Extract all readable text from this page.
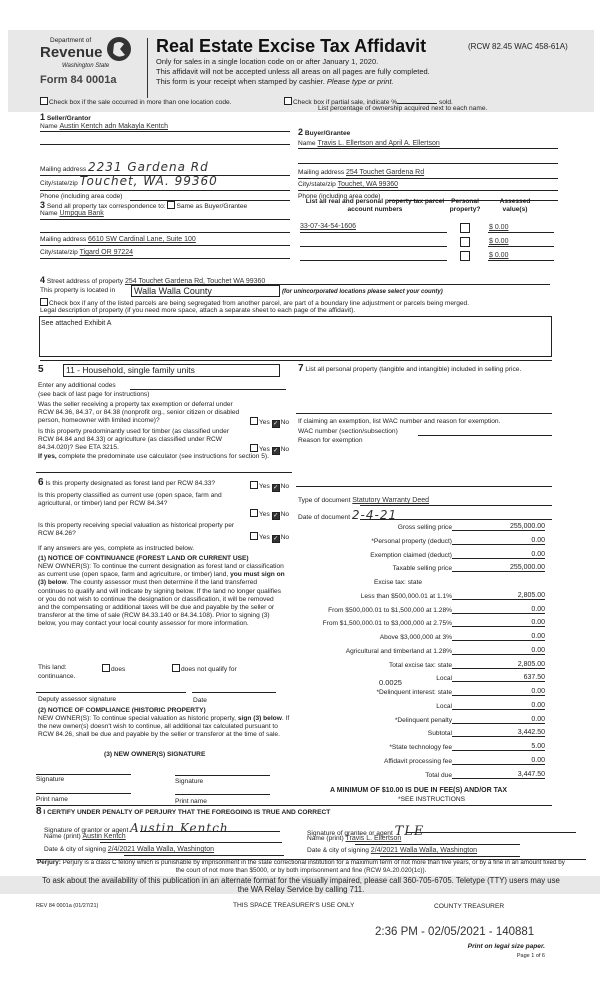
Department of
Revenue
Washington State
Form 84 0001a
Real Estate Excise Tax Affidavit	(RCW 82.45 WAC 458-61A)
Only for sales in a single location code on or after January 1, 2020.
This affidavit will not be accepted unless all areas on all pages are fully completed.
This form is your receipt when stamped by cashier. Please type or print.
Check box if the sale occurred in more than one location code.	Check box if partial sale, indicate %	sold.
List percentage of ownership acquired next to each name.
1 Seller/Grantor
Name Austin Kentch adn Makayla Kentch
Mailing address 2231 Gardena Rd
City/state/zip Touchet, WA. 99360
Phone (including area code)
2 Buyer/Grantee
Name Travis L. Ellertson and April A. Ellertson
Mailing address 254 Touchet Gardena Rd
City/state/zip Touchet, WA 99360
Phone (including area code)
3 Send all property tax correspondence to: Same as Buyer/Grantee
Name Umpqua Bank
Mailing address 6610 SW Cardinal Lane, Suite 100
City/state/zip Tigard OR 97224
List all real and personal property tax parcel account numbers
Personal property?
Assessed value(s)
33-07-34-54-1606	$ 0.00
$ 0.00
$ 0.00
4 Street address of property 254 Touchet Gardena Rd, Touchet WA 99360
This property is located in	Walla Walla County	(for unincorporated locations please select your county)
Check box if any of the listed parcels are being segregated from another parcel, are part of a boundary line adjustment or parcels being merged.
Legal description of property (if you need more space, attach a separate sheet to each page of the affidavit).
See attached Exhibit A
5	11 - Household, single family units
Enter any additional codes
(see back of last page for instructions)
Was the seller receiving a property tax exemption or deferral under RCW 84.36, 84.37, or 84.38 (nonprofit org., senior citizen or disabled person, homeowner with limited income)?	Yes ✓ No
Is this property predominantly used for timber (as classified under RCW 84.84 and 84.33) or agriculture (as classified under RCW 84.34.020)? See ETA 3215.	Yes ✓ No
If yes, complete the predominate use calculator (see instructions for section 5).
6 Is this property designated as forest land per RCW 84.33?	Yes ✓ No
Is this property classified as current use (open space, farm and agricultural, or timber) land per RCW 84.34?
Yes ✓ No
Is this property receiving special valuation as historical property per RCW 84.26?
Yes ✓ No
If any answers are yes, complete as instructed below.
(1) NOTICE OF CONTINUANCE (FOREST LAND OR CURRENT USE)
NEW OWNER(S): To continue the current designation as forest land or classification as current use (open space, farm and agriculture, or timber) land, you must sign on (3) below. The county assessor must then determine if the land transferred continues to qualify and will indicate by signing below. If the land no longer qualifies or you do not wish to continue the designation or classification, it will be removed and the compensating or additional taxes will be due and payable by the seller or transferor at the time of sale (RCW 84.33.140 or 84.34.108). Prior to signing (3) below, you may contact your local county assessor for more information.
This land:	does	does not qualify for
continuance.
Deputy assessor signature	Date
(2) NOTICE OF COMPLIANCE (HISTORIC PROPERTY)
NEW OWNER(S): To continue special valuation as historic property, sign (3) below. If the new owner(s) doesn't wish to continue, all additional tax calculated pursuant to RCW 84.26, shall be due and payable by the seller or transferor at the time of sale.
(3) NEW OWNER(S) SIGNATURE
Signature	Signature
Print name	Print name
7 List all personal property (tangible and intangible) included in selling price.
If claiming an exemption, list WAC number and reason for exemption.
WAC number (section/subsection)
Reason for exemption
Type of document Statutory Warranty Deed
Date of document 2-4-21
Gross selling price	255,000.00
*Personal property (deduct)	0.00
Exemption claimed (deduct)	0.00
Taxable selling price	255,000.00
Excise tax: state
Less than $500,000.01 at 1.1%	2,805.00
From $500,000.01 to $1,500,000 at 1.28%	0.00
From $1,500,000.01 to $3,000,000 at 2.75%	0.00
Above $3,000,000 at 3%	0.00
Agricultural and timberland at 1.28%	0.00
Total excise tax: state	2,805.00
Local	637.50
*Delinquent interest: state	0.00
Local	0.00
*Delinquent penalty	0.00
Subtotal	3,442.50
*State technology fee	5.00
Affidavit processing fee	0.00
Total due	3,447.50
0.0025
A MINIMUM OF $10.00 IS DUE IN FEE(S) AND/OR TAX
*SEE INSTRUCTIONS
8 I CERTIFY UNDER PENALTY OF PERJURY THAT THE FOREGOING IS TRUE AND CORRECT
Signature of grantor or agent Austin Kentch
Name (print) Austin Kentch
Date & city of signing 2/4/2021 Walla Walla, Washington
Signature of grantee or agent TLE
Name (print) Travis L. Ellertson
Date & city of signing 2/4/2021 Walla Walla, Washington
Perjury: Perjury is a class C felony which is punishable by imprisonment in the state correctional institution for a maximum term of not more than five years, or by a fine in an amount fixed by the court of not more than $5000, or by both imprisonment and fine (RCW 9A.20.020(1c)).
To ask about the availability of this publication in an alternate format for the visually impaired, please call 360-705-6705. Teletype (TTY) users may use the WA Relay Service by calling 711.
REV 84 0001a (01/27/21)	THIS SPACE TREASURER'S USE ONLY	COUNTY TREASURER
2:36 PM - 02/05/2021 - 140881
Print on legal size paper.
Page 1 of 6
